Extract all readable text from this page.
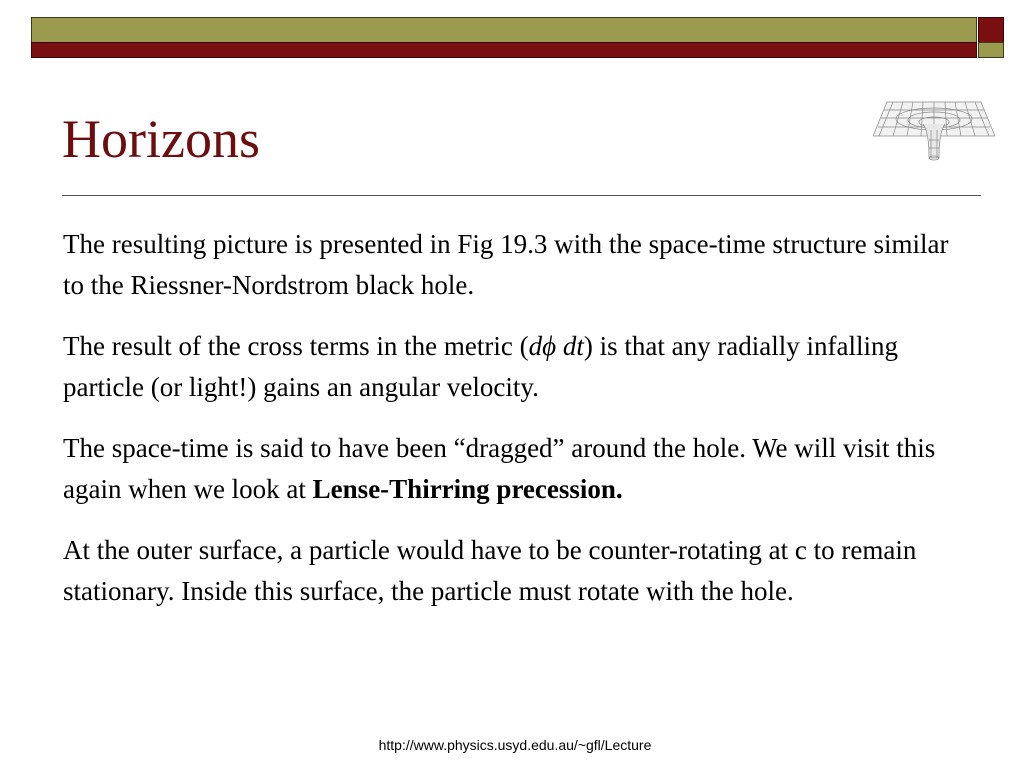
Horizons

The resulting picture is presented in Fig 19.3 with the space-time structure similar to the Riessner-Nordstrom black hole.

The result of the cross terms in the metric (dϕ dt) is that any radially infalling particle (or light!) gains an angular velocity.

The space-time is said to have been “dragged” around the hole. We will visit this again when we look at Lense-Thirring precession.

At the outer surface, a particle would have to be counter-rotating at c to remain stationary. Inside this surface, the particle must rotate with the hole.

http://www.physics.usyd.edu.au/~gfl/Lecture
